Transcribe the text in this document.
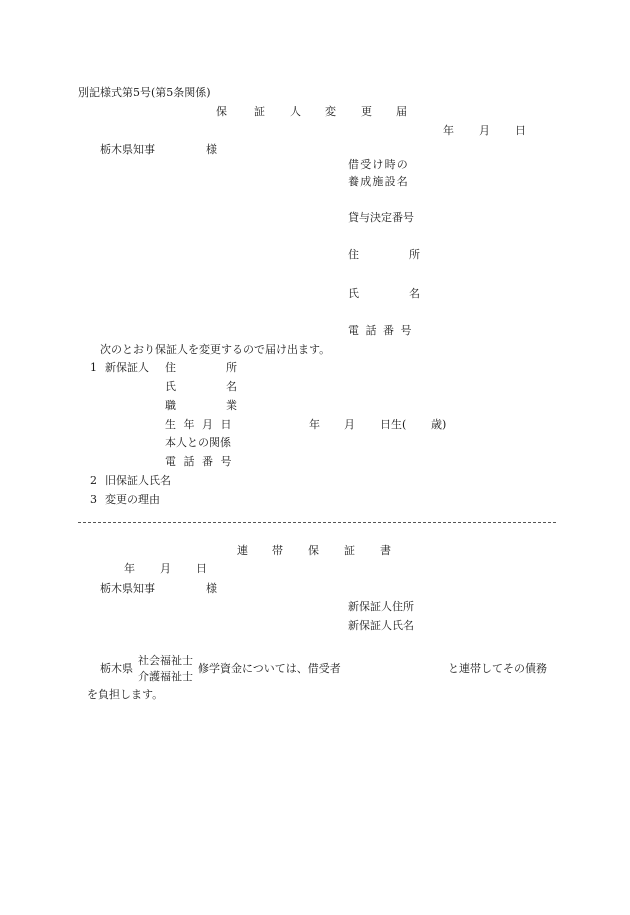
別記様式第5号(第5条関係)
保 証 人 変 更 届
年 月 日
栃木県知事	様
借受け時の
養成施設名
貸与決定番号
住	所
氏	名
電 話 番 号
次のとおり保証人を変更するので届け出ます。
1 新保証人 住	所
氏	名
職	業
生 年 月 日	年 月 日生( 歳)
本人との関係
電 話 番 号
2 旧保証人氏名
3 変更の理由
連 帯 保 証 書
年 月 日
栃木県知事	様
新保証人住所
新保証人氏名
栃木県
社会福祉士
介護福祉士
修学資金については、借受者	と連帯してその債務
を負担します。
